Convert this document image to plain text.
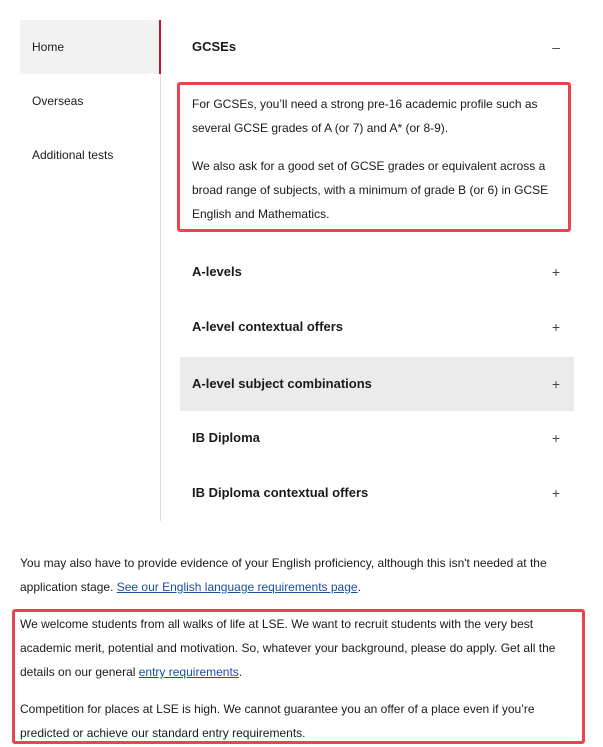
Home
Overseas
Additional tests
GCSEs	–

For GCSEs, you’ll need a strong pre-16 academic profile such as several GCSE grades of A (or 7) and A* (or 8-9).

We also ask for a good set of GCSE grades or equivalent across a broad range of subjects, with a minimum of grade B (or 6) in GCSE English and Mathematics.

A-levels	+
A-level contextual offers	+
A-level subject combinations	+
IB Diploma	+
IB Diploma contextual offers	+

You may also have to provide evidence of your English proficiency, although this isn't needed at the application stage. See our English language requirements page.

We welcome students from all walks of life at LSE. We want to recruit students with the very best academic merit, potential and motivation. So, whatever your background, please do apply. Get all the details on our general entry requirements.

Competition for places at LSE is high. We cannot guarantee you an offer of a place even if you’re predicted or achieve our standard entry requirements.
